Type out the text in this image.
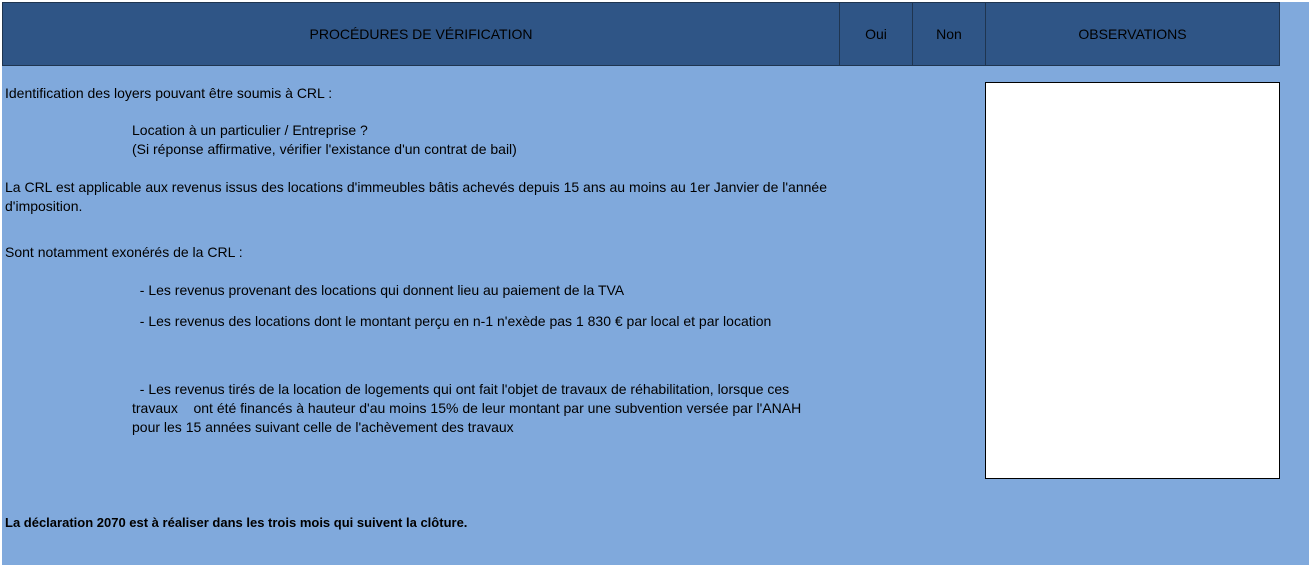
PROCÉDURES DE VÉRIFICATION	Oui	Non	OBSERVATIONS
Identification des loyers pouvant être soumis à CRL :
Location à un particulier / Entreprise ?
(Si réponse affirmative, vérifier l'existance d'un contrat de bail)
La CRL est applicable aux revenus issus des locations d'immeubles bâtis achevés depuis 15 ans au moins au 1er Janvier de l'année d'imposition.
Sont notamment exonérés de la CRL :
- Les revenus provenant des locations qui donnent lieu au paiement de la TVA
- Les revenus des locations dont le montant perçu en n-1 n'exède pas 1 830 € par local et par location
- Les revenus tirés de la location de logements qui ont fait l'objet de travaux de réhabilitation, lorsque ces travaux    ont été financés à hauteur d'au moins 15% de leur montant par une subvention versée par l'ANAH pour les 15 années suivant celle de l'achèvement des travaux
La déclaration 2070 est à réaliser dans les trois mois qui suivent la clôture.
